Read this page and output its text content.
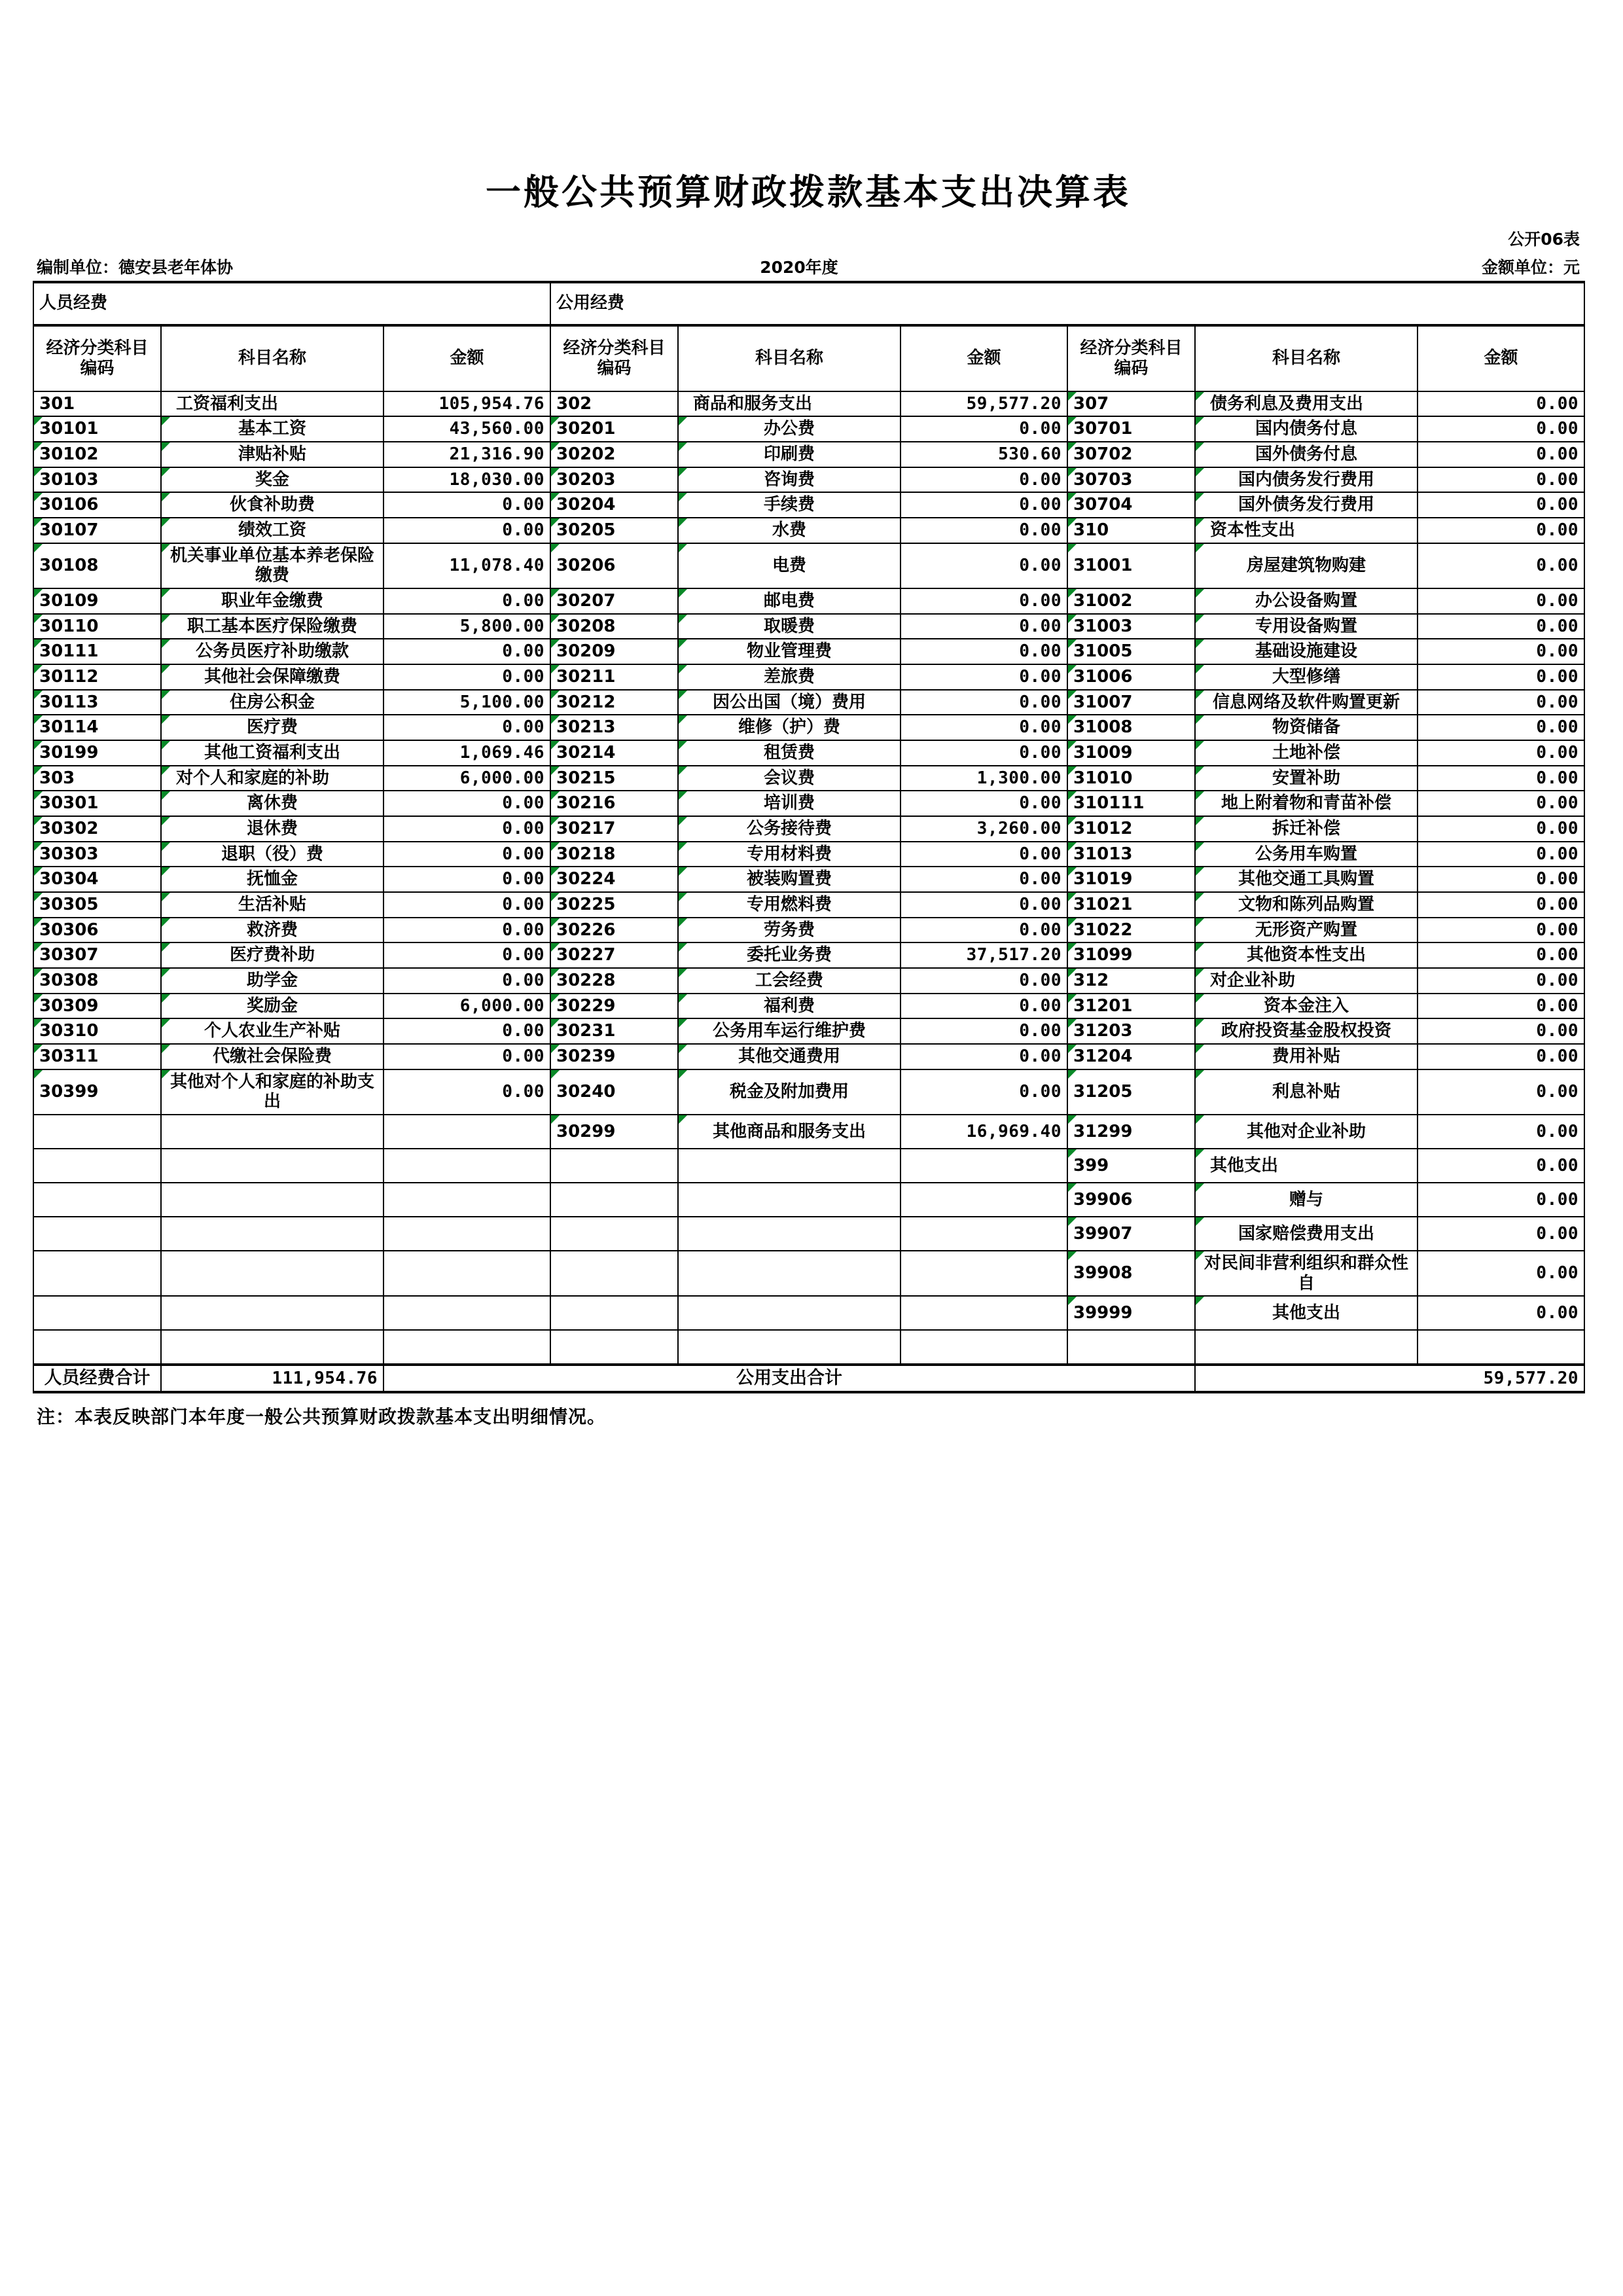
一般公共预算财政拨款基本支出决算表
公开06表
编制单位：德安县老年体协	2020年度	金额单位：元
人员经费			公用经费					
经济分类科目编码	科目名称	金额	经济分类科目编码	科目名称	金额	经济分类科目编码	科目名称	金额
301	工资福利支出	105,954.76	302	商品和服务支出	59,577.20	307	债务利息及费用支出	0.00
30101	基本工资	43,560.00	30201	办公费	0.00	30701	国内债务付息	0.00
30102	津贴补贴	21,316.90	30202	印刷费	530.60	30702	国外债务付息	0.00
30103	奖金	18,030.00	30203	咨询费	0.00	30703	国内债务发行费用	0.00
30106	伙食补助费	0.00	30204	手续费	0.00	30704	国外债务发行费用	0.00
30107	绩效工资	0.00	30205	水费	0.00	310	资本性支出	0.00
30108	机关事业单位基本养老保险缴费	11,078.40	30206	电费	0.00	31001	房屋建筑物购建	0.00
30109	职业年金缴费	0.00	30207	邮电费	0.00	31002	办公设备购置	0.00
30110	职工基本医疗保险缴费	5,800.00	30208	取暖费	0.00	31003	专用设备购置	0.00
30111	公务员医疗补助缴款	0.00	30209	物业管理费	0.00	31005	基础设施建设	0.00
30112	其他社会保障缴费	0.00	30211	差旅费	0.00	31006	大型修缮	0.00
30113	住房公积金	5,100.00	30212	因公出国（境）费用	0.00	31007	信息网络及软件购置更新	0.00
30114	医疗费	0.00	30213	维修（护）费	0.00	31008	物资储备	0.00
30199	其他工资福利支出	1,069.46	30214	租赁费	0.00	31009	土地补偿	0.00
303	对个人和家庭的补助	6,000.00	30215	会议费	1,300.00	31010	安置补助	0.00
30301	离休费	0.00	30216	培训费	0.00	310111	地上附着物和青苗补偿	0.00
30302	退休费	0.00	30217	公务接待费	3,260.00	31012	拆迁补偿	0.00
30303	退职（役）费	0.00	30218	专用材料费	0.00	31013	公务用车购置	0.00
30304	抚恤金	0.00	30224	被装购置费	0.00	31019	其他交通工具购置	0.00
30305	生活补贴	0.00	30225	专用燃料费	0.00	31021	文物和陈列品购置	0.00
30306	救济费	0.00	30226	劳务费	0.00	31022	无形资产购置	0.00
30307	医疗费补助	0.00	30227	委托业务费	37,517.20	31099	其他资本性支出	0.00
30308	助学金	0.00	30228	工会经费	0.00	312	对企业补助	0.00
30309	奖励金	6,000.00	30229	福利费	0.00	31201	资本金注入	0.00
30310	个人农业生产补贴	0.00	30231	公务用车运行维护费	0.00	31203	政府投资基金股权投资	0.00
30311	代缴社会保险费	0.00	30239	其他交通费用	0.00	31204	费用补贴	0.00
30399	其他对个人和家庭的补助支出	0.00	30240	税金及附加费用	0.00	31205	利息补贴	0.00
			30299	其他商品和服务支出	16,969.40	31299	其他对企业补助	0.00
						399	其他支出	0.00
						39906	赠与	0.00
						39907	国家赔偿费用支出	0.00
						39908	对民间非营利组织和群众性自	0.00
						39999	其他支出	0.00

人员经费合计	111,954.76	公用支出合计					59,577.20	
注：本表反映部门本年度一般公共预算财政拨款基本支出明细情况。
